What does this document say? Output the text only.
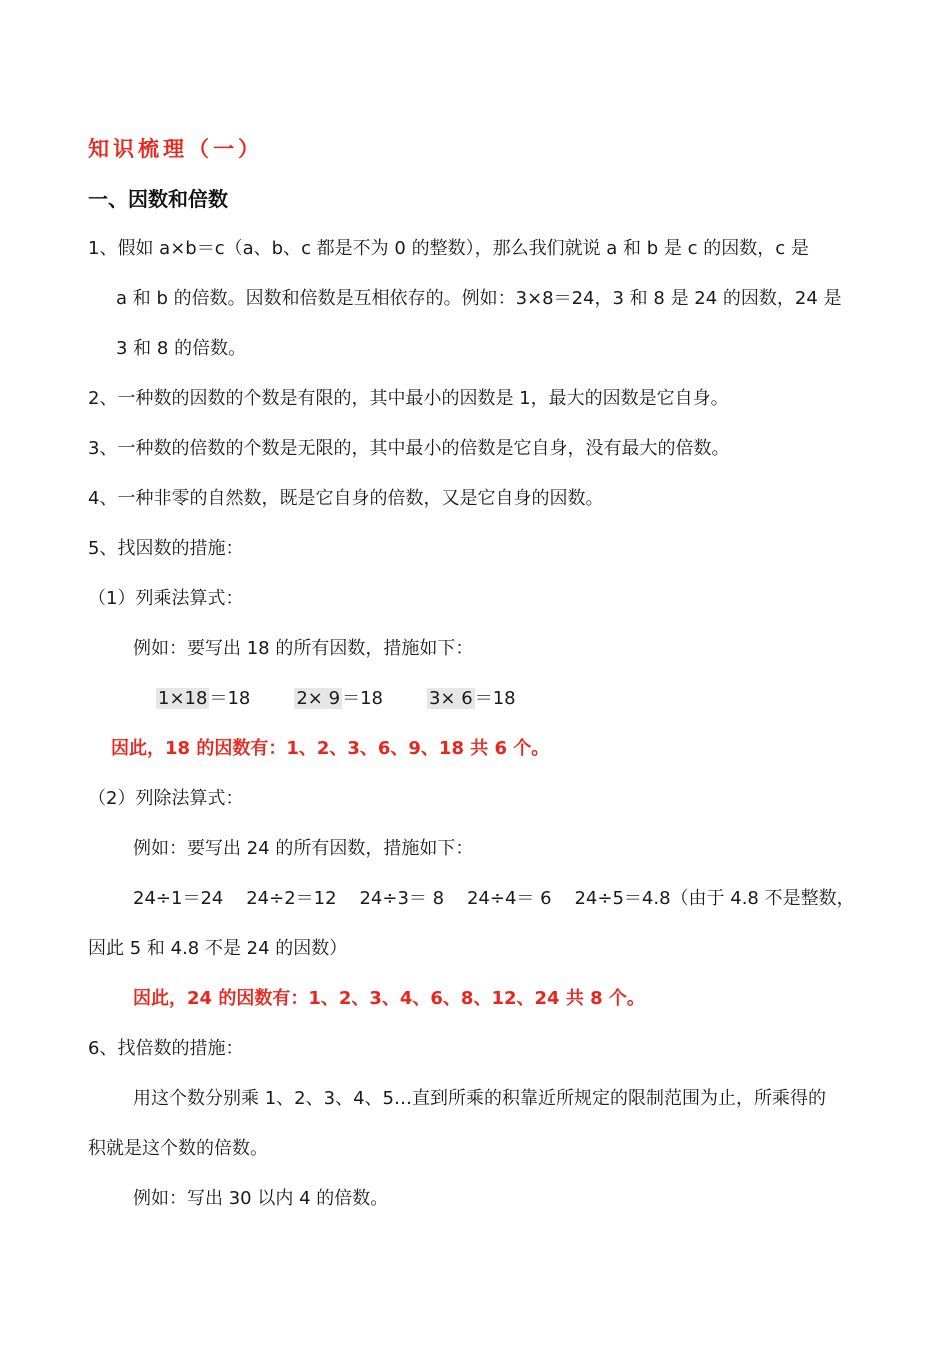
知识梳理（一）
一、因数和倍数
1、假如 a×b＝c（a、b、c 都是不为 0 的整数），那么我们就说 a 和 b 是 c 的因数，c 是
a 和 b 的倍数。因数和倍数是互相依存的。例如：3×8＝24，3 和 8 是 24 的因数，24 是
3 和 8 的倍数。
2、一种数的因数的个数是有限的，其中最小的因数是 1，最大的因数是它自身。
3、一种数的倍数的个数是无限的，其中最小的倍数是它自身，没有最大的倍数。
4、一种非零的自然数，既是它自身的倍数，又是它自身的因数。
5、找因数的措施：
（1）列乘法算式：
例如：要写出 18 的所有因数，措施如下：
1×18 ＝18	2× 9 ＝18	3× 6 ＝18
因此，18 的因数有：1、2、3、6、9、18 共 6 个。
（2）列除法算式：
例如：要写出 24 的所有因数，措施如下：
24÷1＝24    24÷2＝12    24÷3＝ 8    24÷4＝ 6    24÷5＝4.8（由于 4.8 不是整数，
因此 5 和 4.8 不是 24 的因数）
因此，24 的因数有：1、2、3、4、6、8、12、24 共 8 个。
6、找倍数的措施：
用这个数分别乘 1、2、3、4、5…直到所乘的积靠近所规定的限制范围为止，所乘得的
积就是这个数的倍数。
例如：写出 30 以内 4 的倍数。
